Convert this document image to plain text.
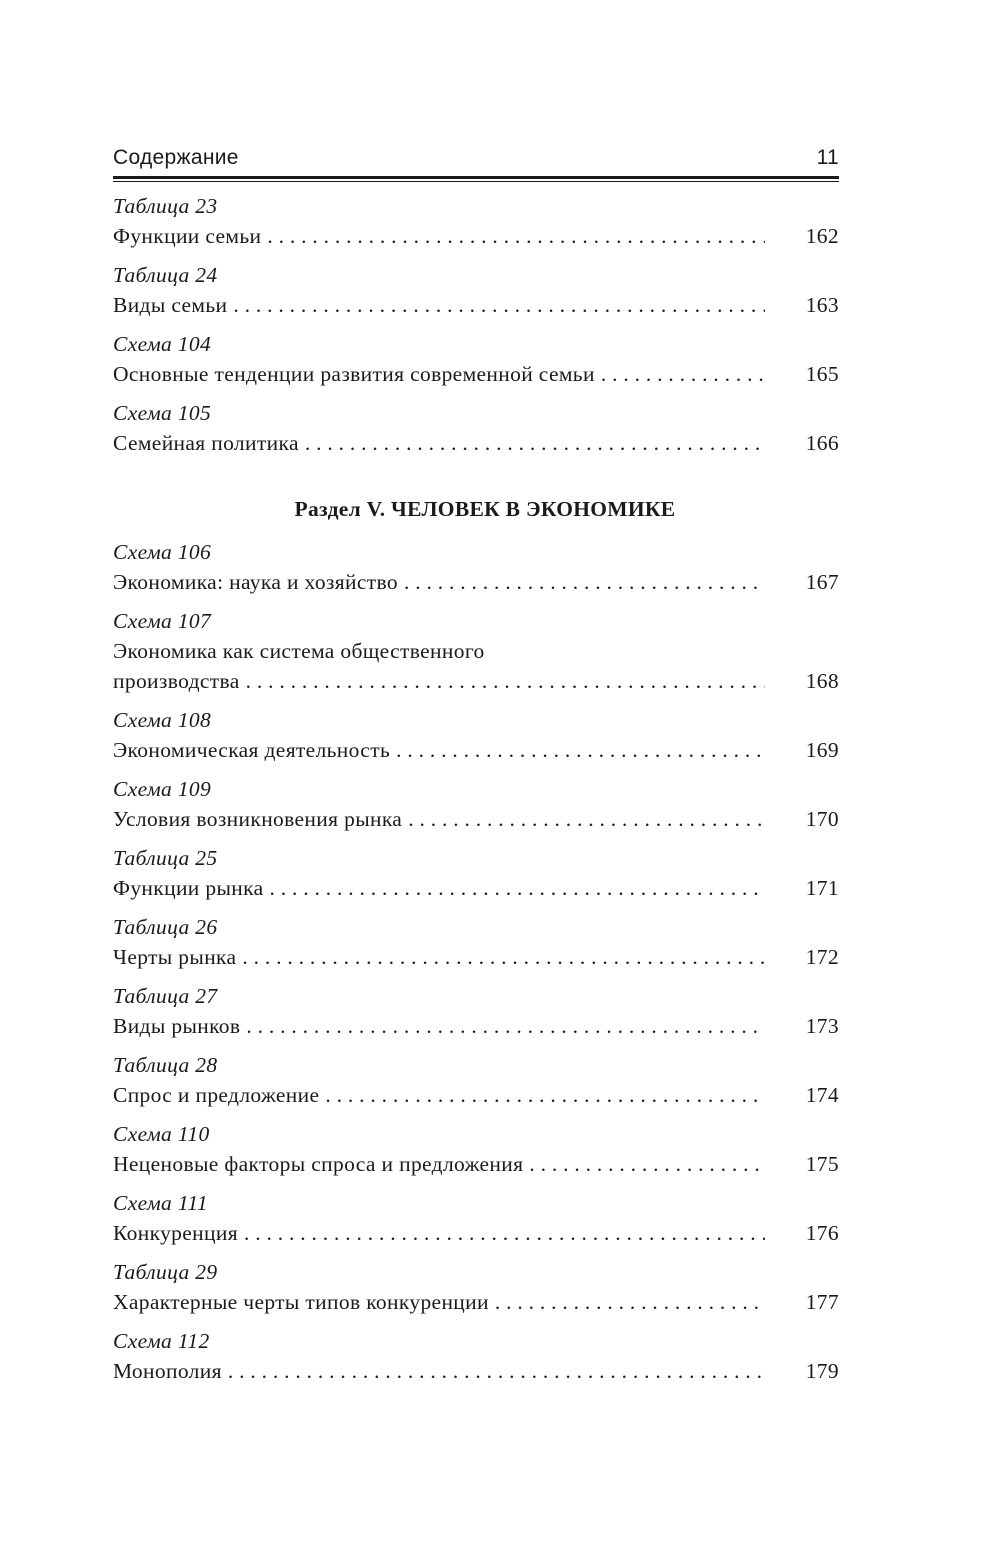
Содержание	11
Таблица 23
Функции семьи . . .	162
Таблица 24
Виды семьи . . .	163
Схема 104
Основные тенденции развития современной семьи . . .	165
Схема 105
Семейная политика . . .	166
Раздел V. ЧЕЛОВЕК В ЭКОНОМИКЕ
Схема 106
Экономика: наука и хозяйство . . .	167
Схема 107
Экономика как система общественного
производства . . .	168
Схема 108
Экономическая деятельность . . .	169
Схема 109
Условия возникновения рынка . . .	170
Таблица 25
Функции рынка . . .	171
Таблица 26
Черты рынка . . .	172
Таблица 27
Виды рынков . . .	173
Таблица 28
Спрос и предложение . . .	174
Схема 110
Неценовые факторы спроса и предложения . . .	175
Схема 111
Конкуренция . . .	176
Таблица 29
Характерные черты типов конкуренции . . .	177
Схема 112
Монополия . . .	179
